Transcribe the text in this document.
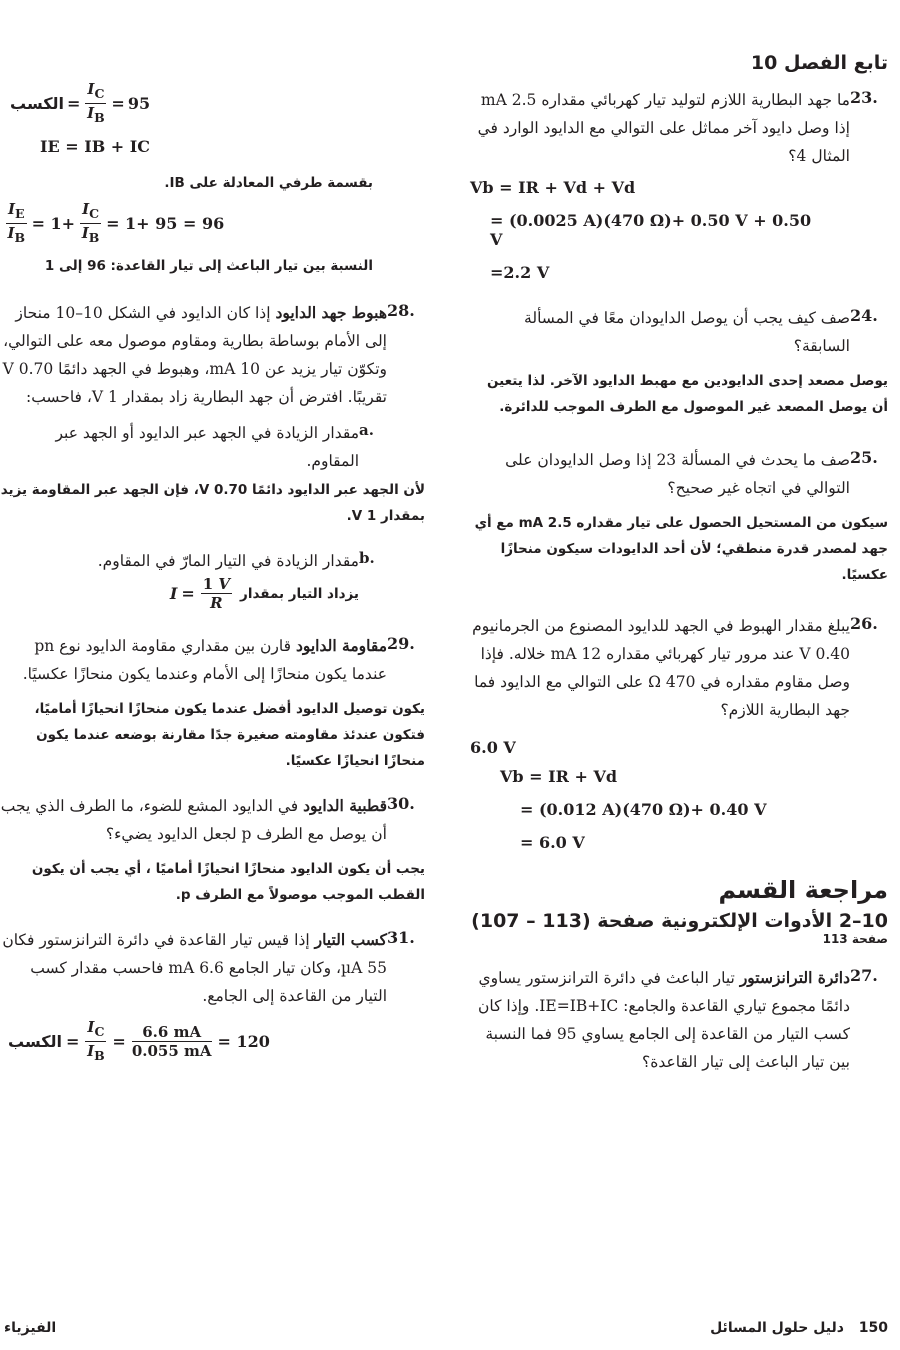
تابع الفصل 10
23.
ما جهد البطارية اللازم لتوليد تيار كهربائي مقداره 2.5 mA إذا وصل دايود آخر مماثل على التوالي مع الدايود الوارد في المثال 4؟
Vb = IR + Vd + Vd
= (0.0025 A)(470 Ω)+ 0.50 V + 0.50 V
=2.2 V
24.
صف كيف يجب أن يوصل الدايودان معًا في المسألة السابقة؟
يوصل مصعد إحدى الدايودين مع مهبط الدايود الآخر. لذا يتعين أن يوصل المصعد غير الموصول مع الطرف الموجب للدائرة.
25.
صف ما يحدث في المسألة 23 إذا وصل الدايودان على التوالي في اتجاه غير صحيح؟
سيكون من المستحيل الحصول على تيار مقداره 2.5 mA مع أي جهد لمصدر قدرة منطقي؛ لأن أحد الدايودات سيكون منحازًا عكسيًا.
26.
يبلغ مقدار الهبوط في الجهد للدايود المصنوع من الجرمانيوم 0.40 V عند مرور تيار كهربائي مقداره 12 mA خلاله. فإذا وصل مقاوم مقداره في Ω 470 على التوالي مع الدايود فما جهد البطارية اللازم؟
6.0 V
Vb = IR + Vd
= (0.012 A)(470 Ω)+ 0.40 V
= 6.0 V
مراجعة القسم
10–2 الأدوات الإلكترونية صفحة (113 – 107)
صفحة 113
27.
دائرة الترانزستور تيار الباعث في دائرة الترانزستور يساوي دائمًا مجموع تياري القاعدة والجامع: IE=IB+IC. وإذا كان كسب التيار من القاعدة إلى الجامع يساوي 95 فما النسبة بين تيار الباعث إلى تيار القاعدة؟
الكسب = $\frac{I_C}{I_B} = 95$
IE = IB + IC
بقسمة طرفي المعادلة على IB.
$\frac{I_E}{I_B} = 1+ \frac{I_C}{I_B} = 1+ 95 = 96$
النسبة بين تيار الباعث إلى تيار القاعدة: 96 إلى 1
28.
هبوط جهد الدايود إذا كان الدايود في الشكل 10–10 منحاز إلى الأمام بوساطة بطارية ومقاوم موصول معه على التوالي، وتكوّن تيار يزيد عن 10 mA، وهبوط في الجهد دائمًا 0.70 V تقريبًا. افترض أن جهد البطارية زاد بمقدار 1 V، فاحسب:
a.
مقدار الزيادة في الجهد عبر الدايود أو الجهد عبر المقاوم.
لأن الجهد عبر الدايود دائمًا 0.70 V، فإن الجهد عبر المقاومة يزيد بمقدار 1 V.
b.
مقدار الزيادة في التيار المارّ في المقاوم.
يزداد التيار بمقدار
$I = \frac{1 V}{R}$
29.
مقاومة الدايود قارن بين مقداري مقاومة الدايود نوع pn عندما يكون منحازًا إلى الأمام وعندما يكون منحازًا عكسيًا.
يكون توصيل الدايود أفضل عندما يكون منحازًا انحيازًا أماميًا، فتكون عندئذ مقاومته صغيرة جدًا مقارنة بوضعه عندما يكون منحازًا انحيازًا عكسيًا.
30.
قطبية الدايود في الدايود المشع للضوء، ما الطرف الذي يجب أن يوصل مع الطرف p لجعل الدايود يضيء؟
يجب أن يكون الدايود منحازًا انحيازًا أماميًا ، أي يجب أن يكون القطب الموجب موصولاً مع الطرف p.
31.
كسب التيار إذا قيس تيار القاعدة في دائرة الترانزستور فكان 55 µA، وكان تيار الجامع 6.6 mA فاحسب مقدار كسب التيار من القاعدة إلى الجامع.
الكسب = $\frac{I_C}{I_B} = \frac{6.6 mA}{0.055 mA} = 120$
150 دليل حلول المسائل
الفيزياء
